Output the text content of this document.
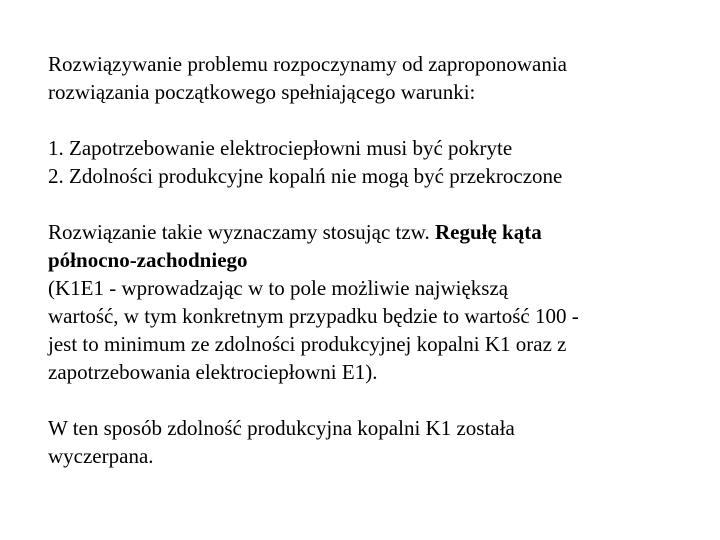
Rozwiązywanie problemu rozpoczynamy od zaproponowania
rozwiązania początkowego spełniającego warunki:

1. Zapotrzebowanie elektrociepłowni musi być pokryte
2. Zdolności produkcyjne kopalń nie mogą być przekroczone

Rozwiązanie takie wyznaczamy stosując tzw. Regułę kąta
północno-zachodniego
(K1E1 - wprowadzając w to pole możliwie największą
wartość, w tym konkretnym przypadku będzie to wartość 100 -
jest to minimum ze zdolności produkcyjnej kopalni K1 oraz z
zapotrzebowania elektrociepłowni E1).

W ten sposób zdolność produkcyjna kopalni K1 została
wyczerpana.
